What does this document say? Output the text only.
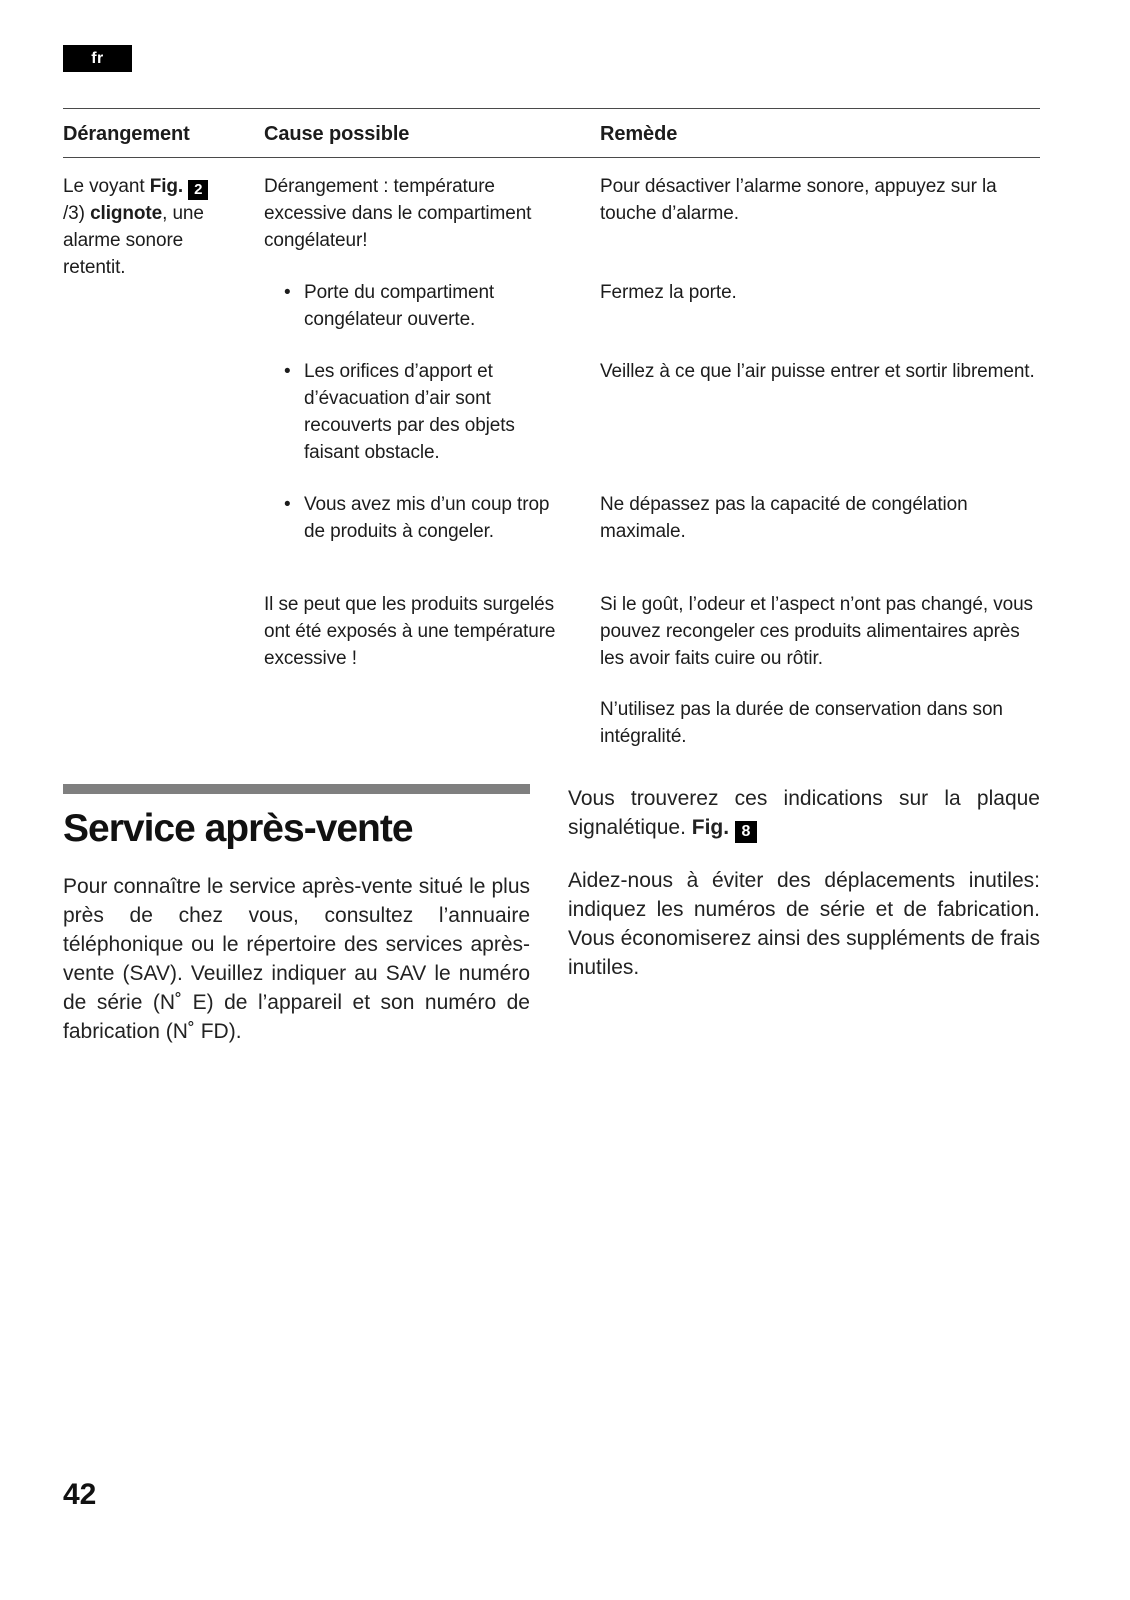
fr
Dérangement	Cause possible	Remède
Le voyant Fig. 2/3) clignote, une alarme sonore retentit.
Dérangement : température excessive dans le compartiment congélateur!
Pour désactiver l’alarme sonore, appuyez sur la touche d’alarme.
• Porte du compartiment congélateur ouverte.
Fermez la porte.
• Les orifices d’apport et d’évacuation d’air sont recouverts par des objets faisant obstacle.
Veillez à ce que l’air puisse entrer et sortir librement.
• Vous avez mis d’un coup trop de produits à congeler.
Ne dépassez pas la capacité de congélation maximale.
Il se peut que les produits surgelés ont été exposés à une température excessive !
Si le goût, l’odeur et l’aspect n’ont pas changé, vous pouvez recongeler ces produits alimentaires après les avoir faits cuire ou rôtir.
N’utilisez pas la durée de conservation dans son intégralité.
Service après-vente
Pour connaître le service après-vente situé le plus près de chez vous, consultez l’annuaire téléphonique ou le répertoire des services après-vente (SAV). Veuillez indiquer au SAV le numéro de série (N˚ E) de l’appareil et son numéro de fabrication (N˚ FD).
Vous trouverez ces indications sur la plaque signalétique. Fig. 8
Aidez-nous à éviter des déplacements inutiles: indiquez les numéros de série et de fabrication. Vous économiserez ainsi des suppléments de frais inutiles.
42
